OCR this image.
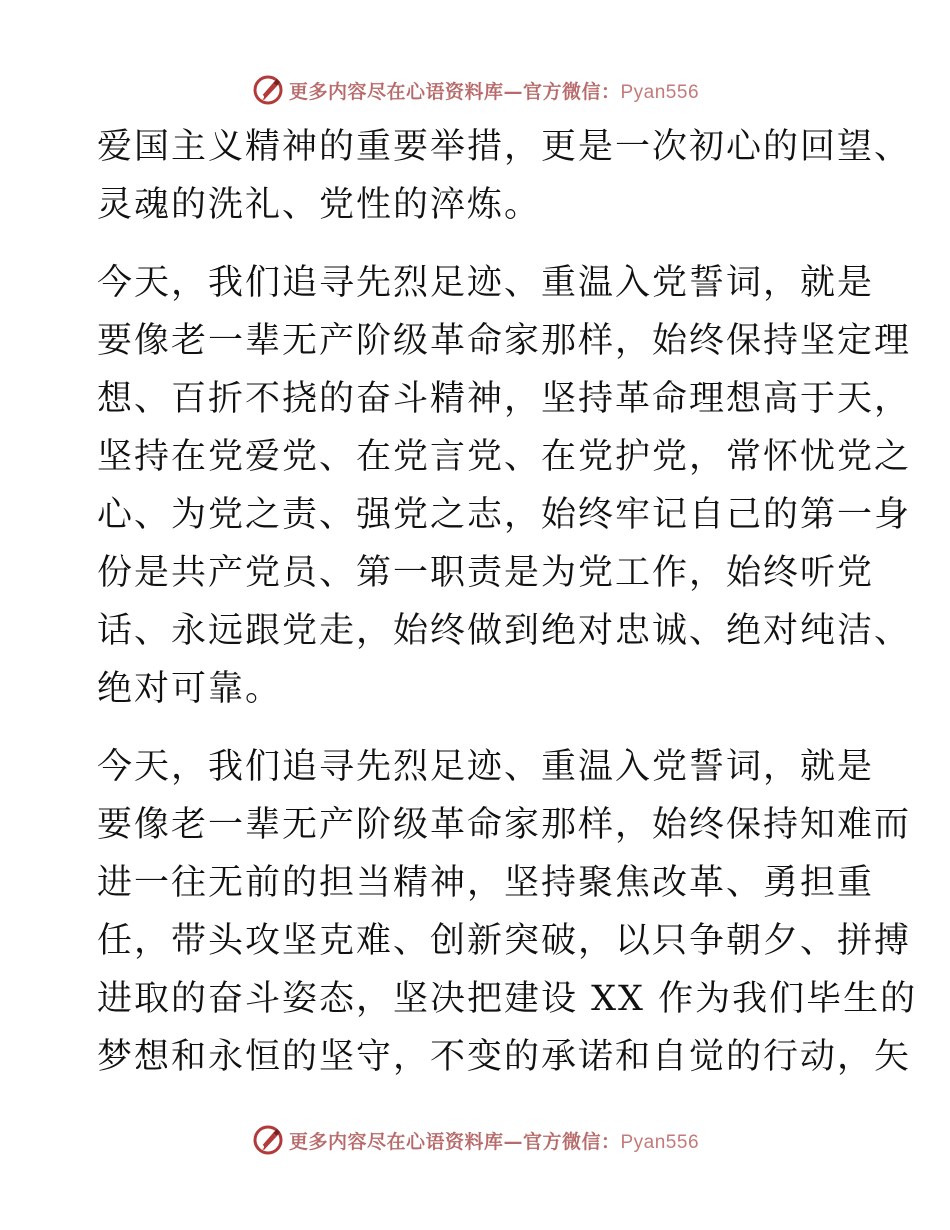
更多内容尽在心语资料库—官方微信：Pyan556
爱国主义精神的重要举措，更是一次初心的回望、
灵魂的洗礼、党性的淬炼。
今天，我们追寻先烈足迹、重温入党誓词，就是
要像老一辈无产阶级革命家那样，始终保持坚定理
想、百折不挠的奋斗精神，坚持革命理想高于天，
坚持在党爱党、在党言党、在党护党，常怀忧党之
心、为党之责、强党之志，始终牢记自己的第一身
份是共产党员、第一职责是为党工作，始终听党
话、永远跟党走，始终做到绝对忠诚、绝对纯洁、
绝对可靠。
今天，我们追寻先烈足迹、重温入党誓词，就是
要像老一辈无产阶级革命家那样，始终保持知难而
进一往无前的担当精神，坚持聚焦改革、勇担重
任，带头攻坚克难、创新突破，以只争朝夕、拼搏
进取的奋斗姿态，坚决把建设 XX 作为我们毕生的
梦想和永恒的坚守，不变的承诺和自觉的行动，矢
更多内容尽在心语资料库—官方微信：Pyan556
